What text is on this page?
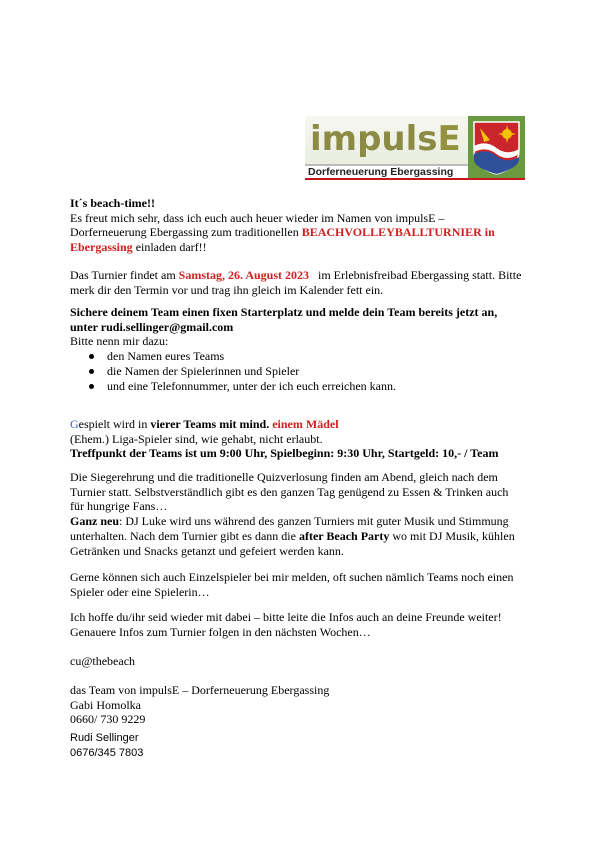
impulsE
Dorferneuerung Ebergassing
It´s beach-time!!
Es freut mich sehr, dass ich euch auch heuer wieder im Namen von impulsE –
Dorferneuerung Ebergassing zum traditionellen BEACHVOLLEYBALLTURNIER in
Ebergassing einladen darf!!
Das Turnier findet am Samstag, 26. August 2023   im Erlebnisfreibad Ebergassing statt. Bitte
merk dir den Termin vor und trag ihn gleich im Kalender fett ein.
Sichere deinem Team einen fixen Starterplatz und melde dein Team bereits jetzt an,
unter rudi.sellinger@gmail.com
Bitte nenn mir dazu:
den Namen eures Teams
die Namen der Spielerinnen und Spieler
und eine Telefonnummer, unter der ich euch erreichen kann.
Gespielt wird in vierer Teams mit mind. einem Mädel
(Ehem.) Liga-Spieler sind, wie gehabt, nicht erlaubt.
Treffpunkt der Teams ist um 9:00 Uhr, Spielbeginn: 9:30 Uhr, Startgeld: 10,- / Team
Die Siegerehrung und die traditionelle Quizverlosung finden am Abend, gleich nach dem
Turnier statt. Selbstverständlich gibt es den ganzen Tag genügend zu Essen & Trinken auch
für hungrige Fans…
Ganz neu: DJ Luke wird uns während des ganzen Turniers mit guter Musik und Stimmung
unterhalten. Nach dem Turnier gibt es dann die after Beach Party wo mit DJ Musik, kühlen
Getränken und Snacks getanzt und gefeiert werden kann.
Gerne können sich auch Einzelspieler bei mir melden, oft suchen nämlich Teams noch einen
Spieler oder eine Spielerin…
Ich hoffe du/ihr seid wieder mit dabei – bitte leite die Infos auch an deine Freunde weiter!
Genauere Infos zum Turnier folgen in den nächsten Wochen…
cu@thebeach
das Team von impulsE – Dorferneuerung Ebergassing
Gabi Homolka
0660/ 730 9229
Rudi Sellinger
0676/345 7803
